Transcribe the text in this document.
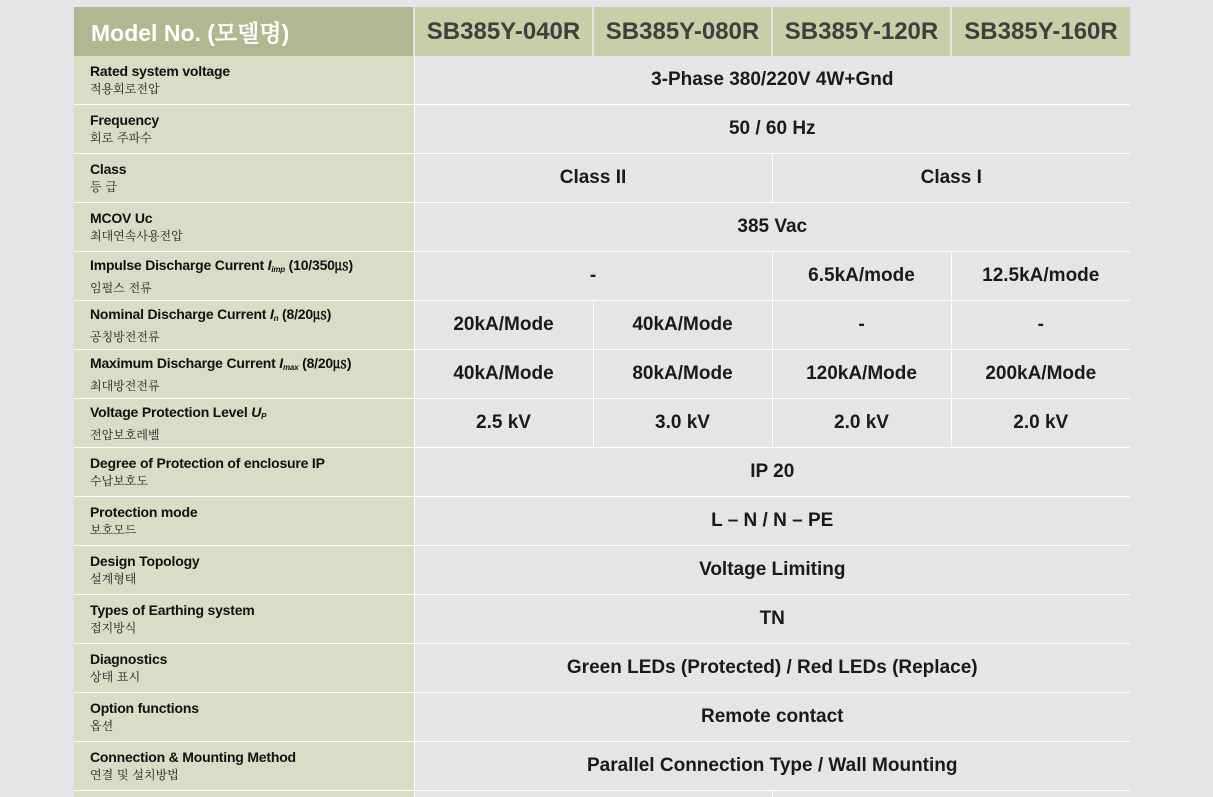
Model No. (모델명)	SB385Y-040R	SB385Y-080R	SB385Y-120R	SB385Y-160R

Rated system voltage
적용회로전압	3-Phase 380/220V 4W+Gnd			

Frequency
회로 주파수	50 / 60 Hz			

Class
등 급	Class II		Class I	

MCOV Uc
최대연속사용전압	385 Vac			

Impulse Discharge Current $I_{imp}$ (10/350㎲)
임펄스 전류	-		6.5kA/mode	12.5kA/mode

Nominal Discharge Current $I_n$ (8/20㎲)
공칭방전전류	20kA/Mode	40kA/Mode	-	-

Maximum Discharge Current $I_{max}$ (8/20㎲)
최대방전전류	40kA/Mode	80kA/Mode	120kA/Mode	200kA/Mode

Voltage Protection Level $U_P$
전압보호레벨	2.5 kV	3.0 kV	2.0 kV	2.0 kV

Degree of Protection of enclosure IP
수납보호도	IP 20			

Protection mode
보호모드	L – N / N – PE			

Design Topology
설계형태	Voltage Limiting			

Types of Earthing system
접지방식	TN			

Diagnostics
상태 표시	Green LEDs (Protected) / Red LEDs (Replace)			

Option functions
옵션	Remote contact			

Connection & Mounting Method
연결 및 설치방법	Parallel Connection Type / Wall Mounting			
